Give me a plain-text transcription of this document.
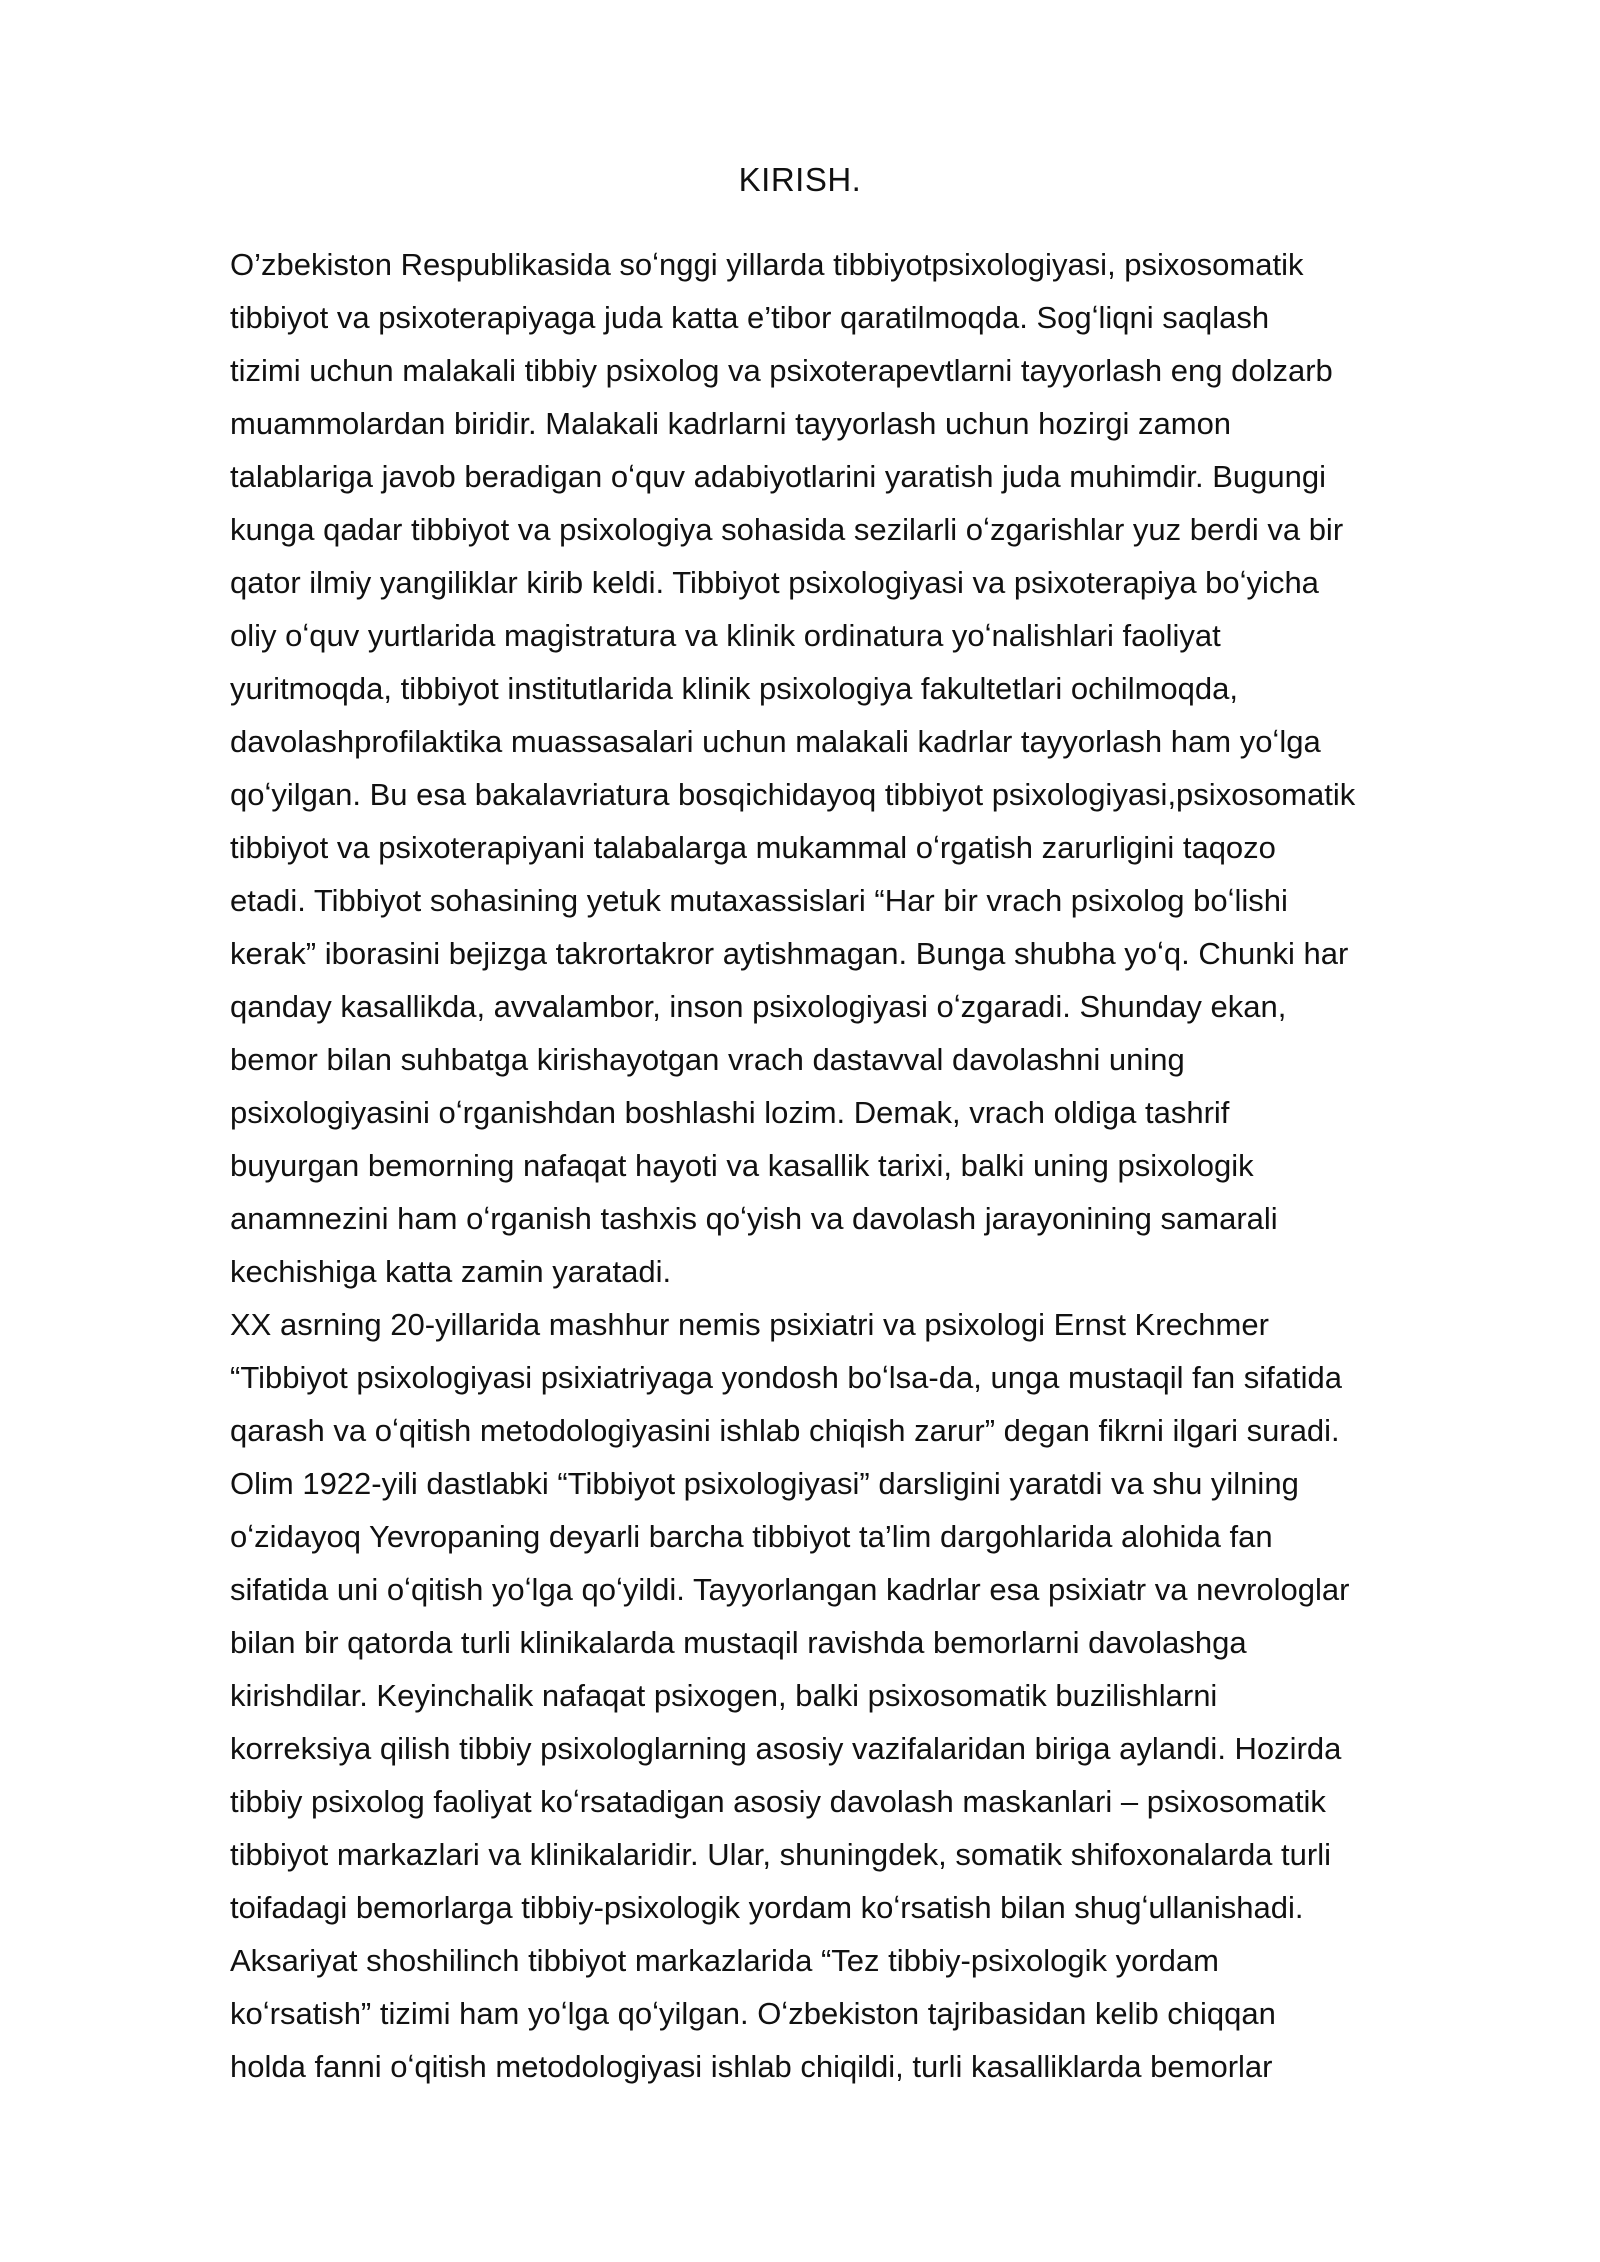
KIRISH.
O’zbekiston Respublikasida soʻnggi yillarda tibbiyotpsixologiyasi, psixosomatik
tibbiyot va psixoterapiyaga juda katta e’tibor qaratilmoqda. Sogʻliqni saqlash
tizimi uchun malakali tibbiy psixolog va psixoterapevtlarni tayyorlash eng dolzarb
muammolardan biridir. Malakali kadrlarni tayyorlash uchun hozirgi zamon
talablariga javob beradigan oʻquv adabiyotlarini yaratish juda muhimdir. Bugungi
kunga qadar tibbiyot va psixologiya sohasida sezilarli oʻzgarishlar yuz berdi va bir
qator ilmiy yangiliklar kirib keldi. Tibbiyot psixologiyasi va psixoterapiya boʻyicha
oliy oʻquv yurtlarida magistratura va klinik ordinatura yoʻnalishlari faoliyat
yuritmoqda, tibbiyot institutlarida klinik psixologiya fakultetlari ochilmoqda,
davolashprofilaktika muassasalari uchun malakali kadrlar tayyorlash ham yoʻlga
qoʻyilgan. Bu esa bakalavriatura bosqichidayoq tibbiyot psixologiyasi,psixosomatik
tibbiyot va psixoterapiyani talabalarga mukammal oʻrgatish zarurligini taqozo
etadi. Tibbiyot sohasining yetuk mutaxassislari “Har bir vrach psixolog boʻlishi
kerak” iborasini bejizga takrortakror aytishmagan. Bunga shubha yoʻq. Chunki har
qanday kasallikda, avvalambor, inson psixologiyasi oʻzgaradi. Shunday ekan,
bemor bilan suhbatga kirishayotgan vrach dastavval davolashni uning
psixologiyasini oʻrganishdan boshlashi lozim. Demak, vrach oldiga tashrif
buyurgan bemorning nafaqat hayoti va kasallik tarixi, balki uning psixologik
anamnezini ham oʻrganish tashxis qoʻyish va davolash jarayonining samarali
kechishiga katta zamin yaratadi.
XX asrning 20-yillarida mashhur nemis psixiatri va psixologi Ernst Krechmer
“Tibbiyot psixologiyasi psixiatriyaga yondosh boʻlsa-da, unga mustaqil fan sifatida
qarash va oʻqitish metodologiyasini ishlab chiqish zarur” degan fikrni ilgari suradi.
Olim 1922-yili dastlabki “Tibbiyot psixologiyasi” darsligini yaratdi va shu yilning
oʻzidayoq Yevropaning deyarli barcha tibbiyot ta’lim dargohlarida alohida fan
sifatida uni oʻqitish yoʻlga qoʻyildi. Tayyorlangan kadrlar esa psixiatr va nevrologlar
bilan bir qatorda turli klinikalarda mustaqil ravishda bemorlarni davolashga
kirishdilar. Keyinchalik nafaqat psixogen, balki psixosomatik buzilishlarni
korreksiya qilish tibbiy psixologlarning asosiy vazifalaridan biriga aylandi. Hozirda
tibbiy psixolog faoliyat koʻrsatadigan asosiy davolash maskanlari – psixosomatik
tibbiyot markazlari va klinikalaridir. Ular, shuningdek, somatik shifoxonalarda turli
toifadagi bemorlarga tibbiy-psixologik yordam koʻrsatish bilan shugʻullanishadi.
Aksariyat shoshilinch tibbiyot markazlarida “Tez tibbiy-psixologik yordam
koʻrsatish” tizimi ham yoʻlga qoʻyilgan. Oʻzbekiston tajribasidan kelib chiqqan
holda fanni oʻqitish metodologiyasi ishlab chiqildi, turli kasalliklarda bemorlar
